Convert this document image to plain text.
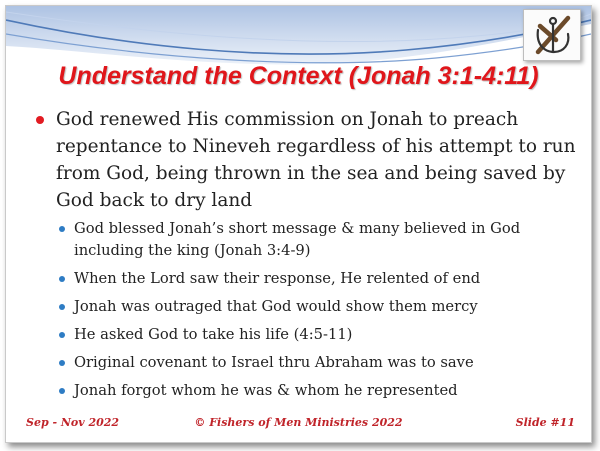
Understand the Context (Jonah 3:1-4:11)
God renewed His commission on Jonah to preach repentance to Nineveh regardless of his attempt to run from God, being thrown in the sea and being saved by God back to dry land
God blessed Jonah’s short message & many believed in God including the king (Jonah 3:4-9)
When the Lord saw their response, He relented of end
Jonah was outraged that God would show them mercy
He asked God to take his life (4:5-11)
Original covenant to Israel thru Abraham was to save
Jonah forgot whom he was & whom he represented
Sep - Nov 2022	© Fishers of Men Ministries 2022	Slide #11
